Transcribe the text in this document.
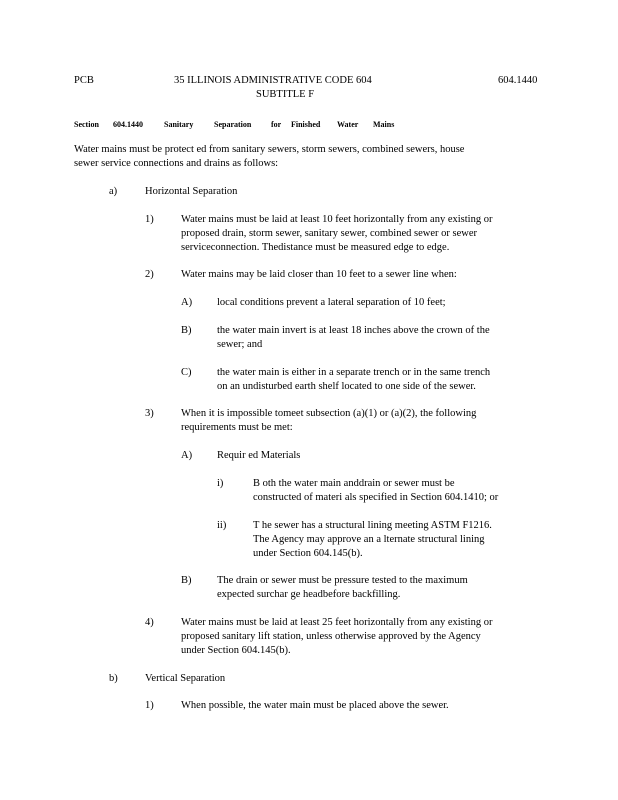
PCB	35 ILLINOIS ADMINISTRATIVE CODE 604
SUBTITLE F
604.1440
Section 604.1440	Sanitary	Separation for Finished Water Mains
Water mains must be protect ed from sanitary sewers, storm sewers, combined sewers, house
sewer service connections and drains as follows:
a)	Horizontal Separation
1)	Water mains must be laid at least 10 feet horizontally from any existing or
proposed drain, storm sewer, sanitary sewer, combined sewer or sewer
serviceconnection. Thedistance must be measured edge to edge.
2)	Water mains may be laid closer than 10 feet to a sewer line when:
A) local conditions prevent a lateral separation of 10 feet;
B) the water main invert is at least 18 inches above the crown of the
sewer; and
C) the water main is either in a separate trench or in the same trench
on an undisturbed earth shelf located to one side of the sewer.
3)	When it is impossible tomeet subsection (a)(1) or (a)(2), the following
requirements must be met:
A) Requir ed Materials
i)	B oth the water main anddrain or sewer must be
constructed of materi als specified in Section 604.1410; or
ii)	T he sewer has a structural lining meeting ASTM F1216.
The Agency may approve an a lternate structural lining
under Section 604.145(b).
B) The drain or sewer must be pressure tested to the maximum
expected surchar ge headbefore backfilling.
4)	Water mains must be laid at least 25 feet horizontally from any existing or
proposed sanitary lift station, unless otherwise approved by the Agency
under Section 604.145(b).
b)	Vertical Separation
1)	When possible, the water main must be placed above the sewer.
